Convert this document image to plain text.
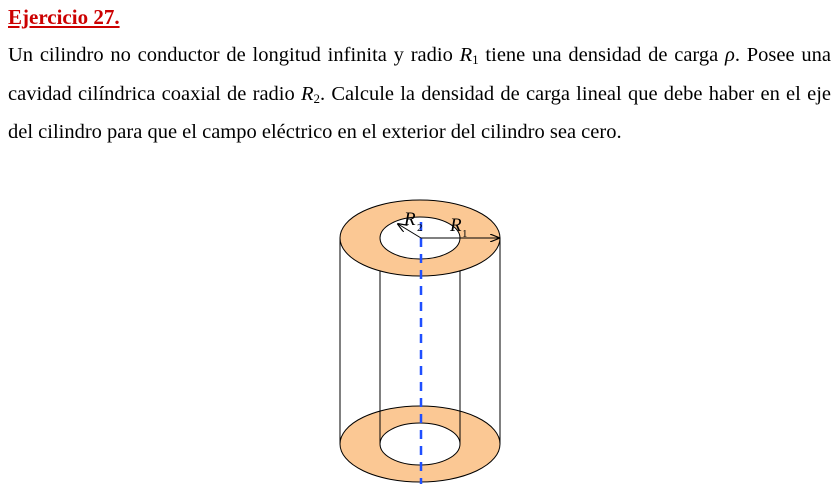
Ejercicio 27.

Un cilindro no conductor de longitud infinita y radio $R_1$ tiene una densidad de carga ρ. Posee una cavidad cilíndrica coaxial de radio $R_2$. Calcule la densidad de carga lineal que debe haber en el eje del cilindro para que el campo eléctrico en el exterior del cilindro sea cero.

R 2 R 1
